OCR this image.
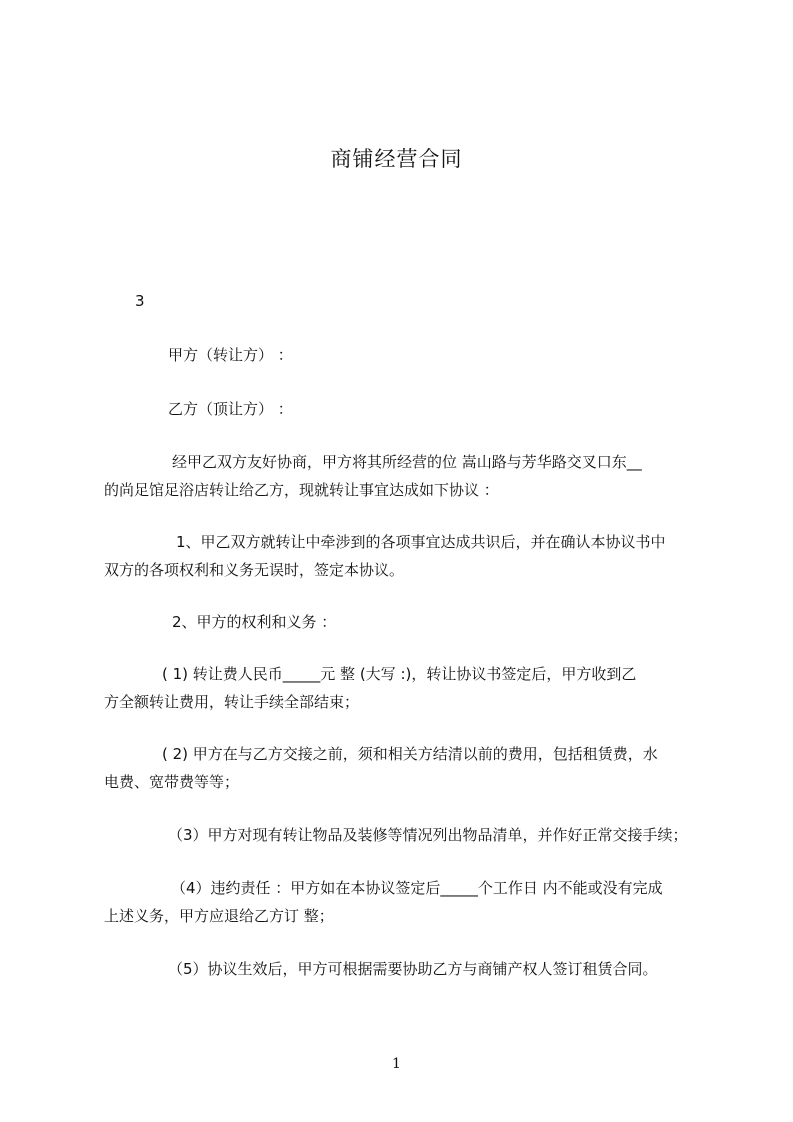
商铺经营合同
3
甲方（转让方） ：
乙方（顶让方） ：
经甲乙双方友好协商，甲方将其所经营的位 嵩山路与芳华路交叉口东__
的尚足馆足浴店转让给乙方，现就转让事宜达成如下协议 ：
1、甲乙双方就转让中牵涉到的各项事宜达成共识后，并在确认本协议书中
双方的各项权利和义务无误时，签定本协议。
2、甲方的权利和义务 ：
( 1) 转让费人民币_____元 整 (大写 :)，转让协议书签定后，甲方收到乙
方全额转让费用，转让手续全部结束；
( 2) 甲方在与乙方交接之前，须和相关方结清以前的费用，包括租赁费，水
电费、宽带费等等；
（3）甲方对现有转让物品及装修等情况列出物品清单，并作好正常交接手续；
（4）违约责任 ：甲方如在本协议签定后_____个工作日 内不能或没有完成
上述义务，甲方应退给乙方订 整；
（5）协议生效后，甲方可根据需要协助乙方与商铺产权人签订租赁合同。
1
